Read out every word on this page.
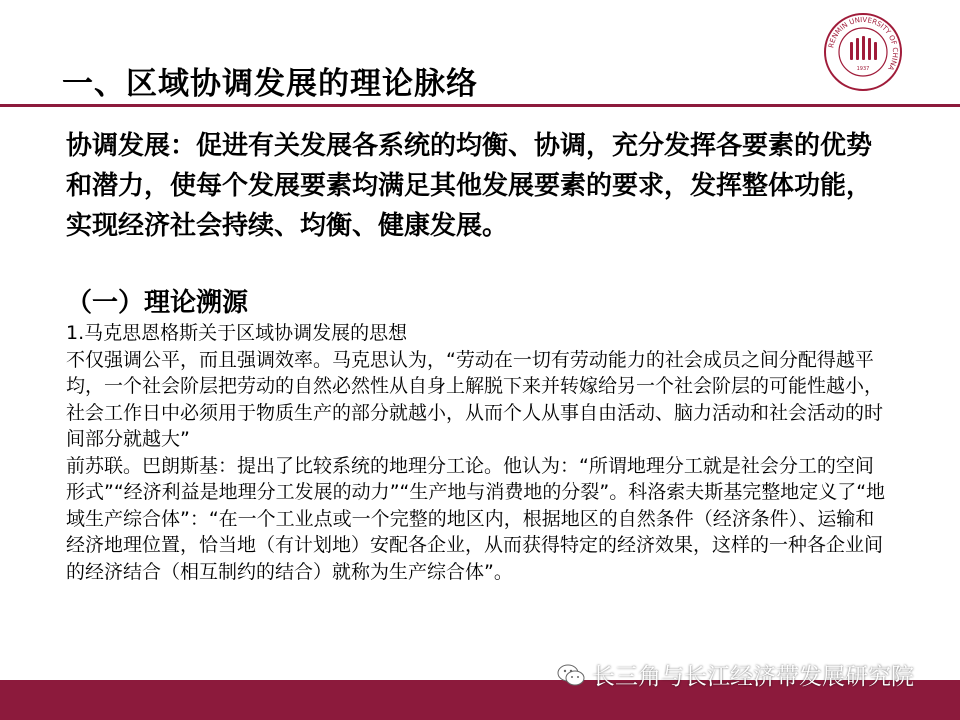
一、区域协调发展的理论脉络
RENMIN UNIVERSITY OF CHINA
1937
协调发展：促进有关发展各系统的均衡、协调，充分发挥各要素的优势和潜力，使每个发展要素均满足其他发展要素的要求，发挥整体功能，实现经济社会持续、均衡、健康发展。
（一）理论溯源

1.马克思恩格斯关于区域协调发展的思想

不仅强调公平，而且强调效率。马克思认为，“劳动在一切有劳动能力的社会成员之间分配得越平均，一个社会阶层把劳动的自然必然性从自身上解脱下来并转嫁给另一个社会阶层的可能性越小，社会工作日中必须用于物质生产的部分就越小，从而个人从事自由活动、脑力活动和社会活动的时间部分就越大”

前苏联。巴朗斯基：提出了比较系统的地理分工论。他认为：“所谓地理分工就是社会分工的空间形式”“经济利益是地理分工发展的动力”“生产地与消费地的分裂”。科洛索夫斯基完整地定义了“地域生产综合体”：“在一个工业点或一个完整的地区内，根据地区的自然条件（经济条件）、运输和经济地理位置，恰当地（有计划地）安配各企业，从而获得特定的经济效果，这样的一种各企业间的经济结合（相互制约的结合）就称为生产综合体”。

长三角与长江经济带发展研究院
